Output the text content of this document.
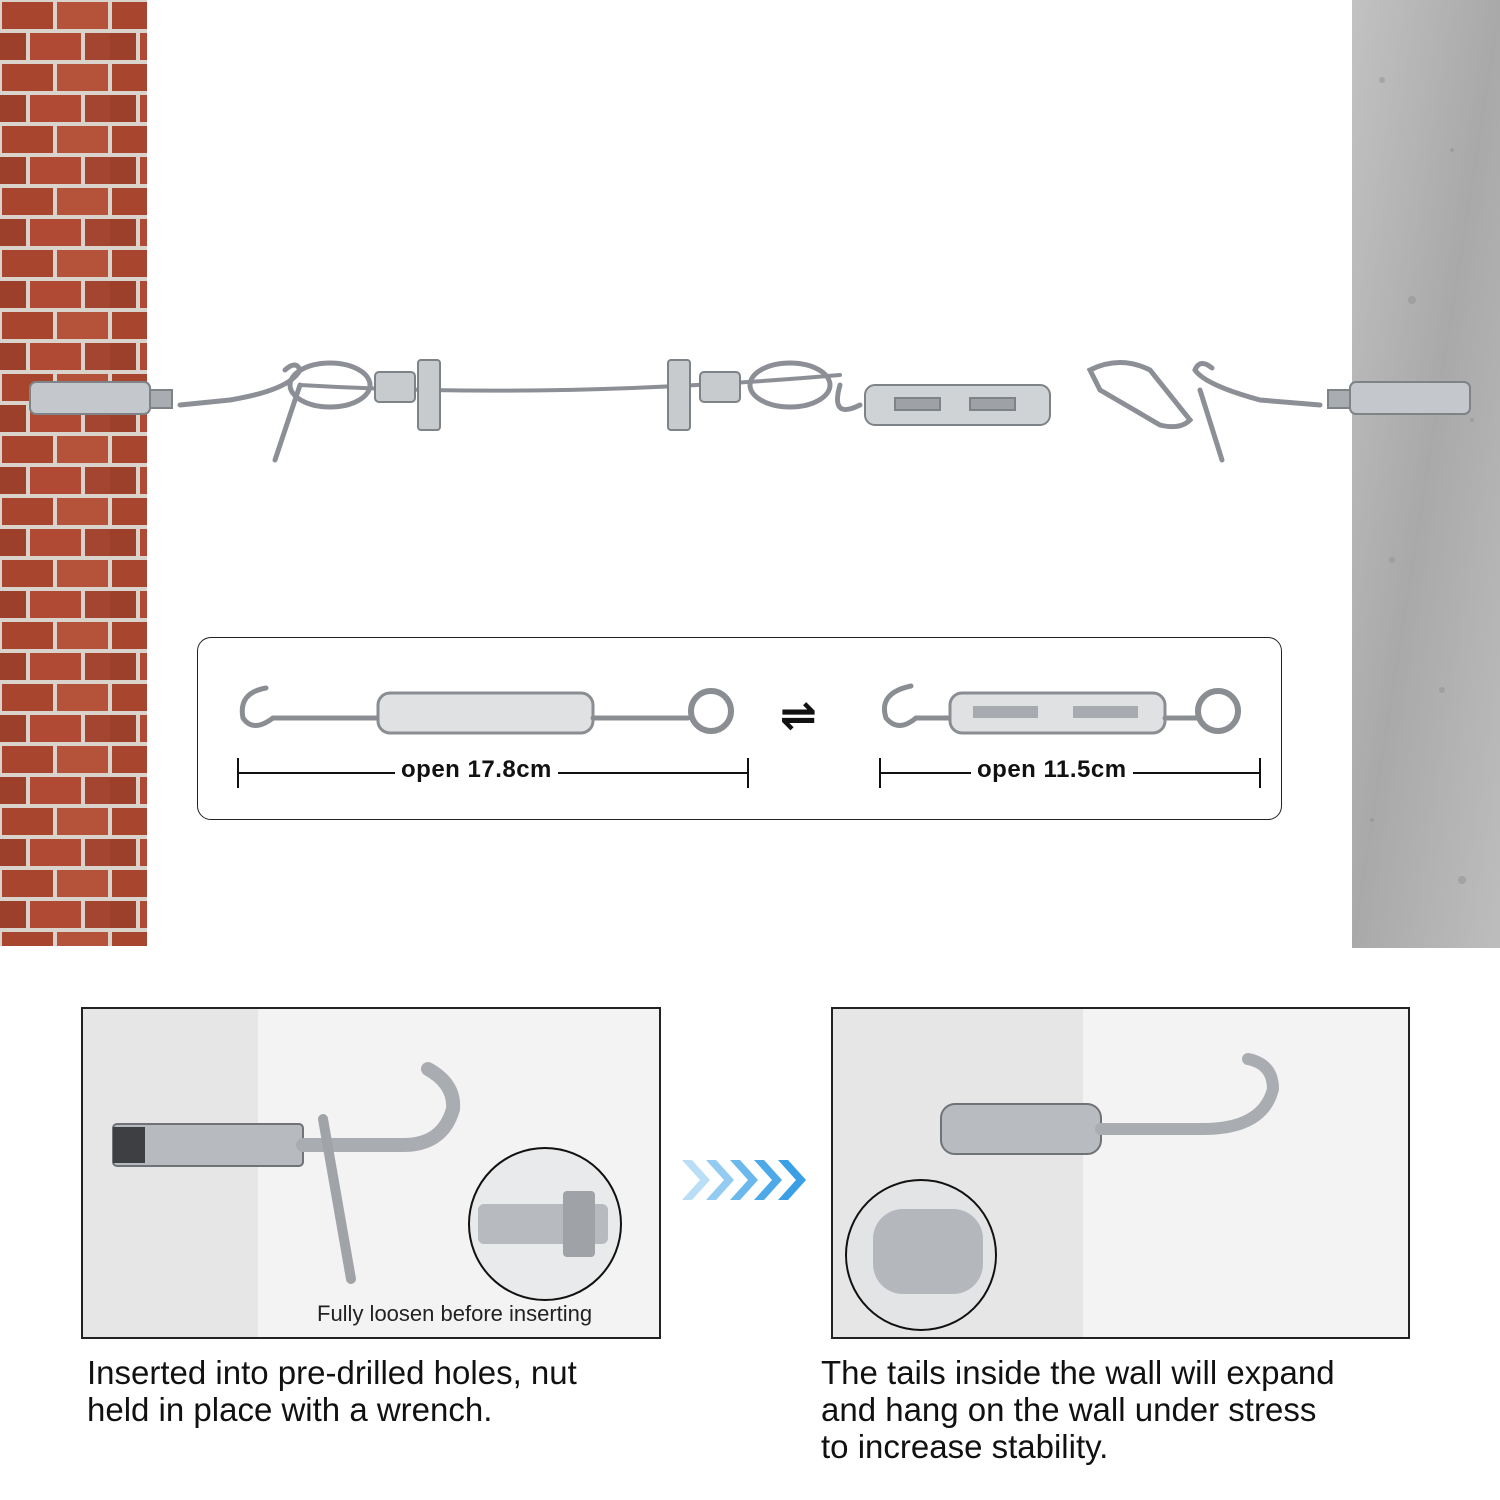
open 17.8cm	open 11.5cm
⇌
Fully loosen before inserting
Inserted into pre-drilled holes, nut
held in place with a wrench.
The tails inside the wall will expand
and hang on the wall under stress
to increase stability.
